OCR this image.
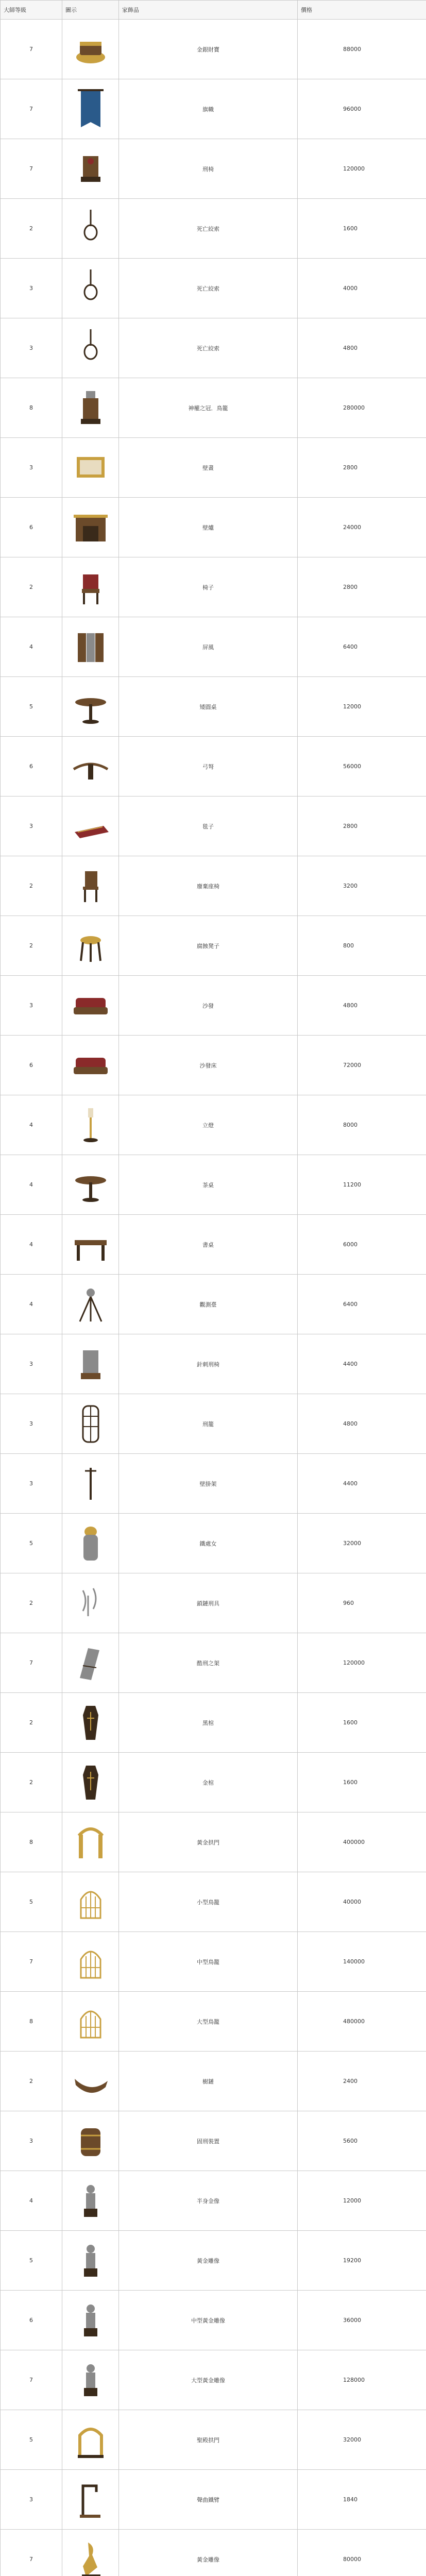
大師等級	圖示	家飾品	價格
7		金銀財寶	88000
7		旗幟	96000
7		刑椅	120000
2		死亡絞索	1600
3		死亡絞索	4000
3		死亡絞索	4800
8		神權之冠．鳥籠	280000
3		壁畫	2800
6		壁爐	24000
2		椅子	2800
4		屏風	6400
5		矮圓桌	12000
6		弓弩	56000
3		毯子	2800
2		廢棄座椅	3200
2		腐蝕凳子	800
3		沙發	4800
6		沙發床	72000
4		立燈	8000
4		茶桌	11200
4		書桌	6000
4		觀測臺	6400
3		針刺刑椅	4400
3		刑籠	4800
3		壁掛架	4400
5		鐵處女	32000
2		鎖鏈刑具	960
7		酷刑之架	120000
2		黑棺	1600
2		金棺	1600
8		黃金拱門	400000
5		小型鳥籠	40000
7		中型鳥籠	140000
8		大型鳥籠	480000
2		樹鏈	2400
3		固刑裝置	5600
4		半身金像	12000
5		黃金雕像	19200
6		中型黃金雕像	36000
7		大型黃金雕像	128000
5		聖殿拱門	32000
3		聲曲鐵臂	1840
7		黃金雕像	80000
